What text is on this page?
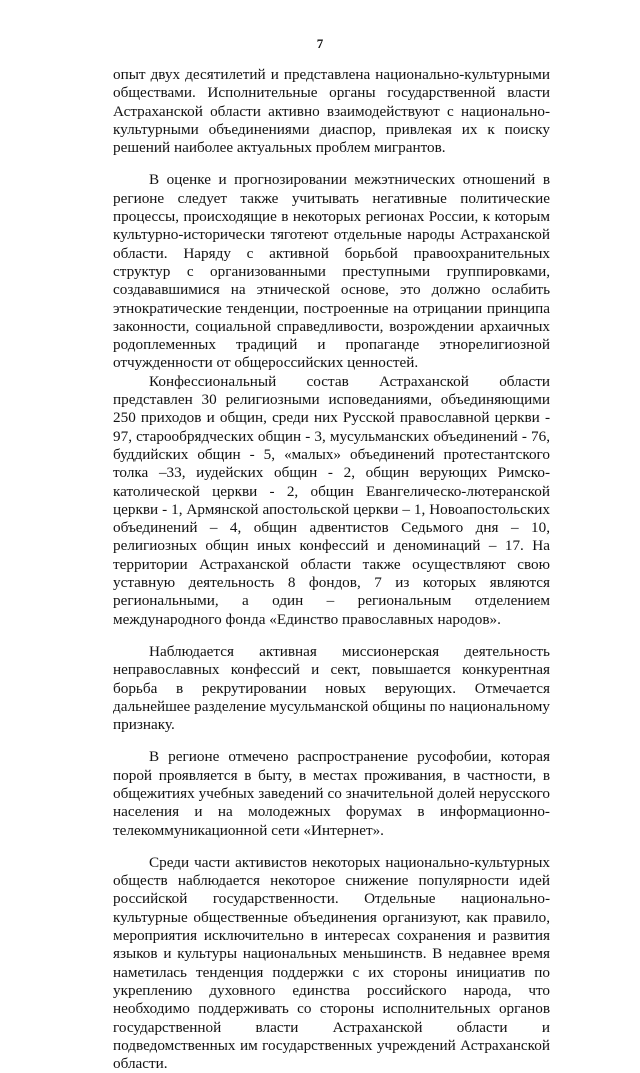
7

опыт двух десятилетий и представлена национально-культурными обществами. Исполнительные органы государственной власти Астраханской области активно взаимодействуют с национально-культурными объединениями диаспор, привлекая их к поиску решений наиболее актуальных проблем мигрантов.

В оценке и прогнозировании межэтнических отношений в регионе следует также учитывать негативные политические процессы, происходящие в некоторых регионах России, к которым культурно-исторически тяготеют отдельные народы Астраханской области. Наряду с активной борьбой правоохранительных структур с организованными преступными группировками, создававшимися на этнической основе, это должно ослабить этнократические тенденции, построенные на отрицании принципа законности, социальной справедливости, возрождении архаичных родоплеменных традиций и пропаганде этнорелигиозной отчужденности от общероссийских ценностей.

Конфессиональный состав Астраханской области представлен 30 религиозными исповеданиями, объединяющими 250 приходов и общин, среди них Русской православной церкви - 97, старообрядческих общин - 3, мусульманских объединений - 76, буддийских общин - 5, «малых» объединений протестантского толка –33, иудейских общин - 2, общин верующих Римско-католической церкви - 2, общин Евангелическо-лютеранской церкви - 1, Армянской апостольской церкви – 1, Новоапостольских объединений – 4, общин адвентистов Седьмого дня – 10, религиозных общин иных конфессий и деноминаций – 17. На территории Астраханской области также осуществляют свою уставную деятельность 8 фондов, 7 из которых являются региональными, а один – региональным отделением международного фонда «Единство православных народов».

Наблюдается активная миссионерская деятельность неправославных конфессий и сект, повышается конкурентная борьба в рекрутировании новых верующих. Отмечается дальнейшее разделение мусульманской общины по национальному признаку.

В регионе отмечено распространение русофобии, которая порой проявляется в быту, в местах проживания, в частности, в общежитиях учебных заведений со значительной долей нерусского населения и на молодежных форумах в информационно-телекоммуникационной сети «Интернет».

Среди части активистов некоторых национально-культурных обществ наблюдается некоторое снижение популярности идей российской государственности. Отдельные национально-культурные общественные объединения организуют, как правило, мероприятия исключительно в интересах сохранения и развития языков и культуры национальных меньшинств. В недавнее время наметилась тенденция поддержки с их стороны инициатив по укреплению духовного единства российского народа, что необходимо поддерживать со стороны исполнительных органов государственной власти Астраханской области и подведомственных им государственных учреждений Астраханской области.
